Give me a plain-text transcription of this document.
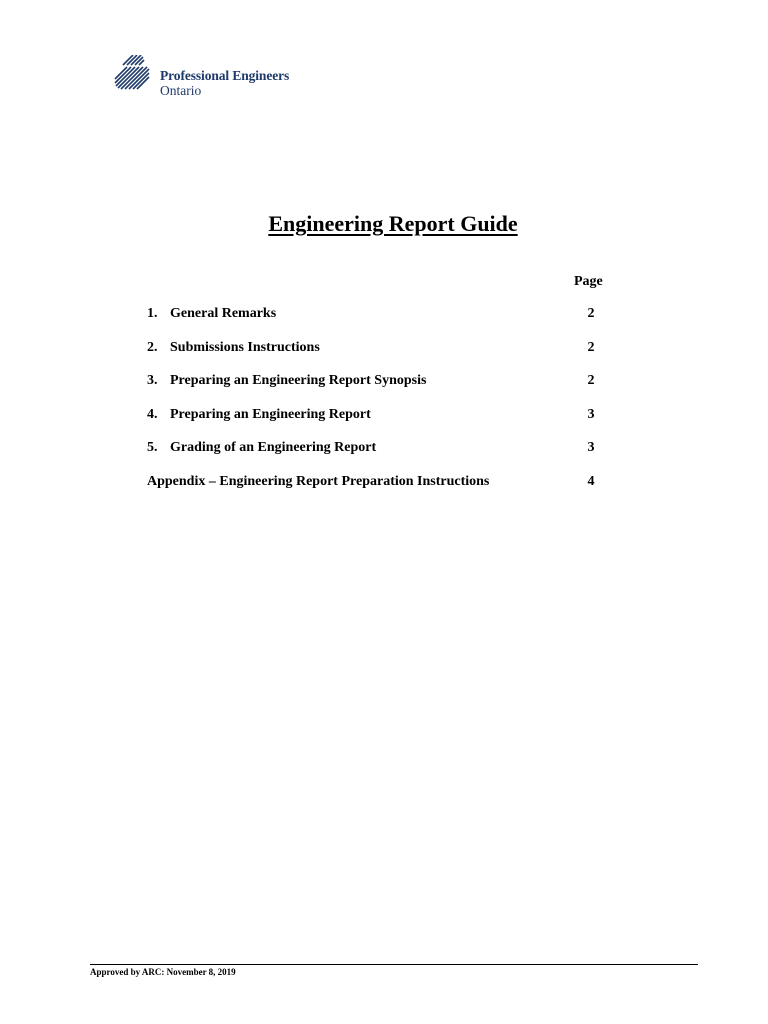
Professional Engineers
Ontario
Engineering Report Guide
Page
1. General Remarks	2
2. Submissions Instructions	2
3. Preparing an Engineering Report Synopsis	2
4. Preparing an Engineering Report	3
5. Grading of an Engineering Report	3
Appendix – Engineering Report Preparation Instructions	4
Approved by ARC: November 8, 2019
